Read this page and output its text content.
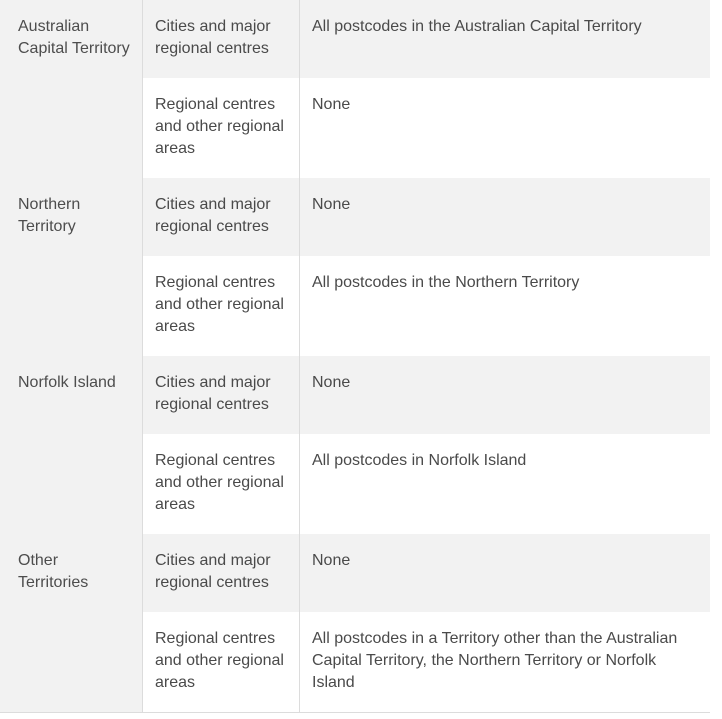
Australian Capital Territory
Cities and major regional centres
All postcodes in the Australian Capital Territory
Regional centres and other regional areas
None
Northern Territory
Cities and major regional centres
None
Regional centres and other regional areas
All postcodes in the Northern Territory
Norfolk Island	Cities and major regional centres
None
Regional centres and other regional areas
All postcodes in Norfolk Island
Other Territories
Cities and major regional centres
None
Regional centres and other regional areas
All postcodes in a Territory other than the Australian Capital Territory, the Northern Territory or Norfolk Island
